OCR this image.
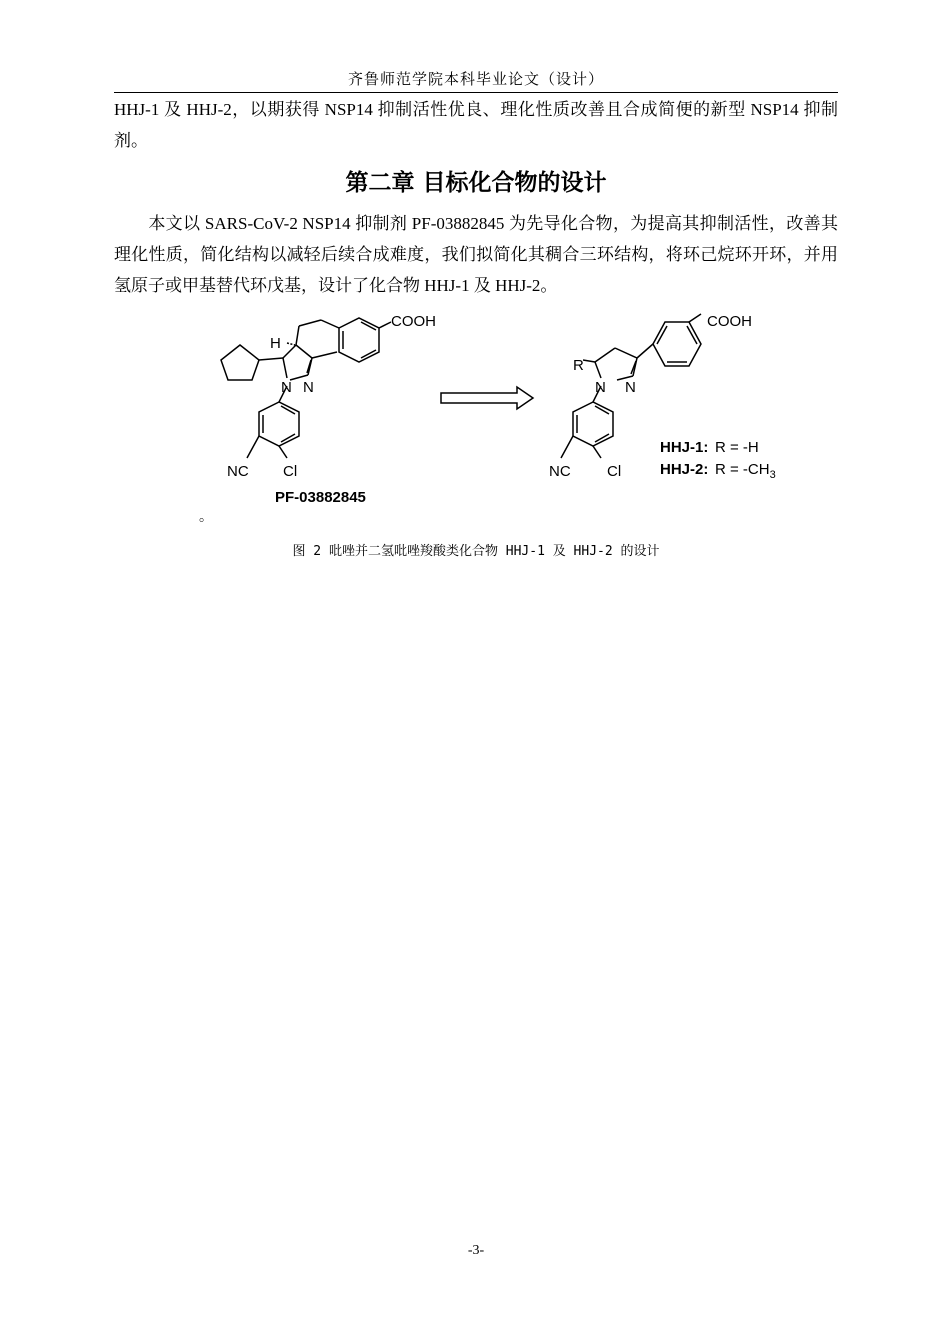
齐鲁师范学院本科毕业论文（设计）
HHJ-1 及 HHJ-2，以期获得 NSP14 抑制活性优良、理化性质改善且合成简便的新型 NSP14 抑制剂。
第二章 目标化合物的设计
本文以 SARS-CoV-2 NSP14 抑制剂 PF-03882845 为先导化合物，为提高其抑制活性，改善其理化性质，简化结构以减轻后续合成难度，我们拟简化其稠合三环结构，将环己烷环开环，并用氢原子或甲基替代环戊基，设计了化合物 HHJ-1 及 HHJ-2。
COOH
H
N N
NC Cl
PF-03882845
COOH
R
N N
NC Cl
HHJ-1: R = -H
HHJ-2: $R = -CH_3$
。
图 2 吡唑并二氢吡唑羧酸类化合物 HHJ-1 及 HHJ-2 的设计
-3-
